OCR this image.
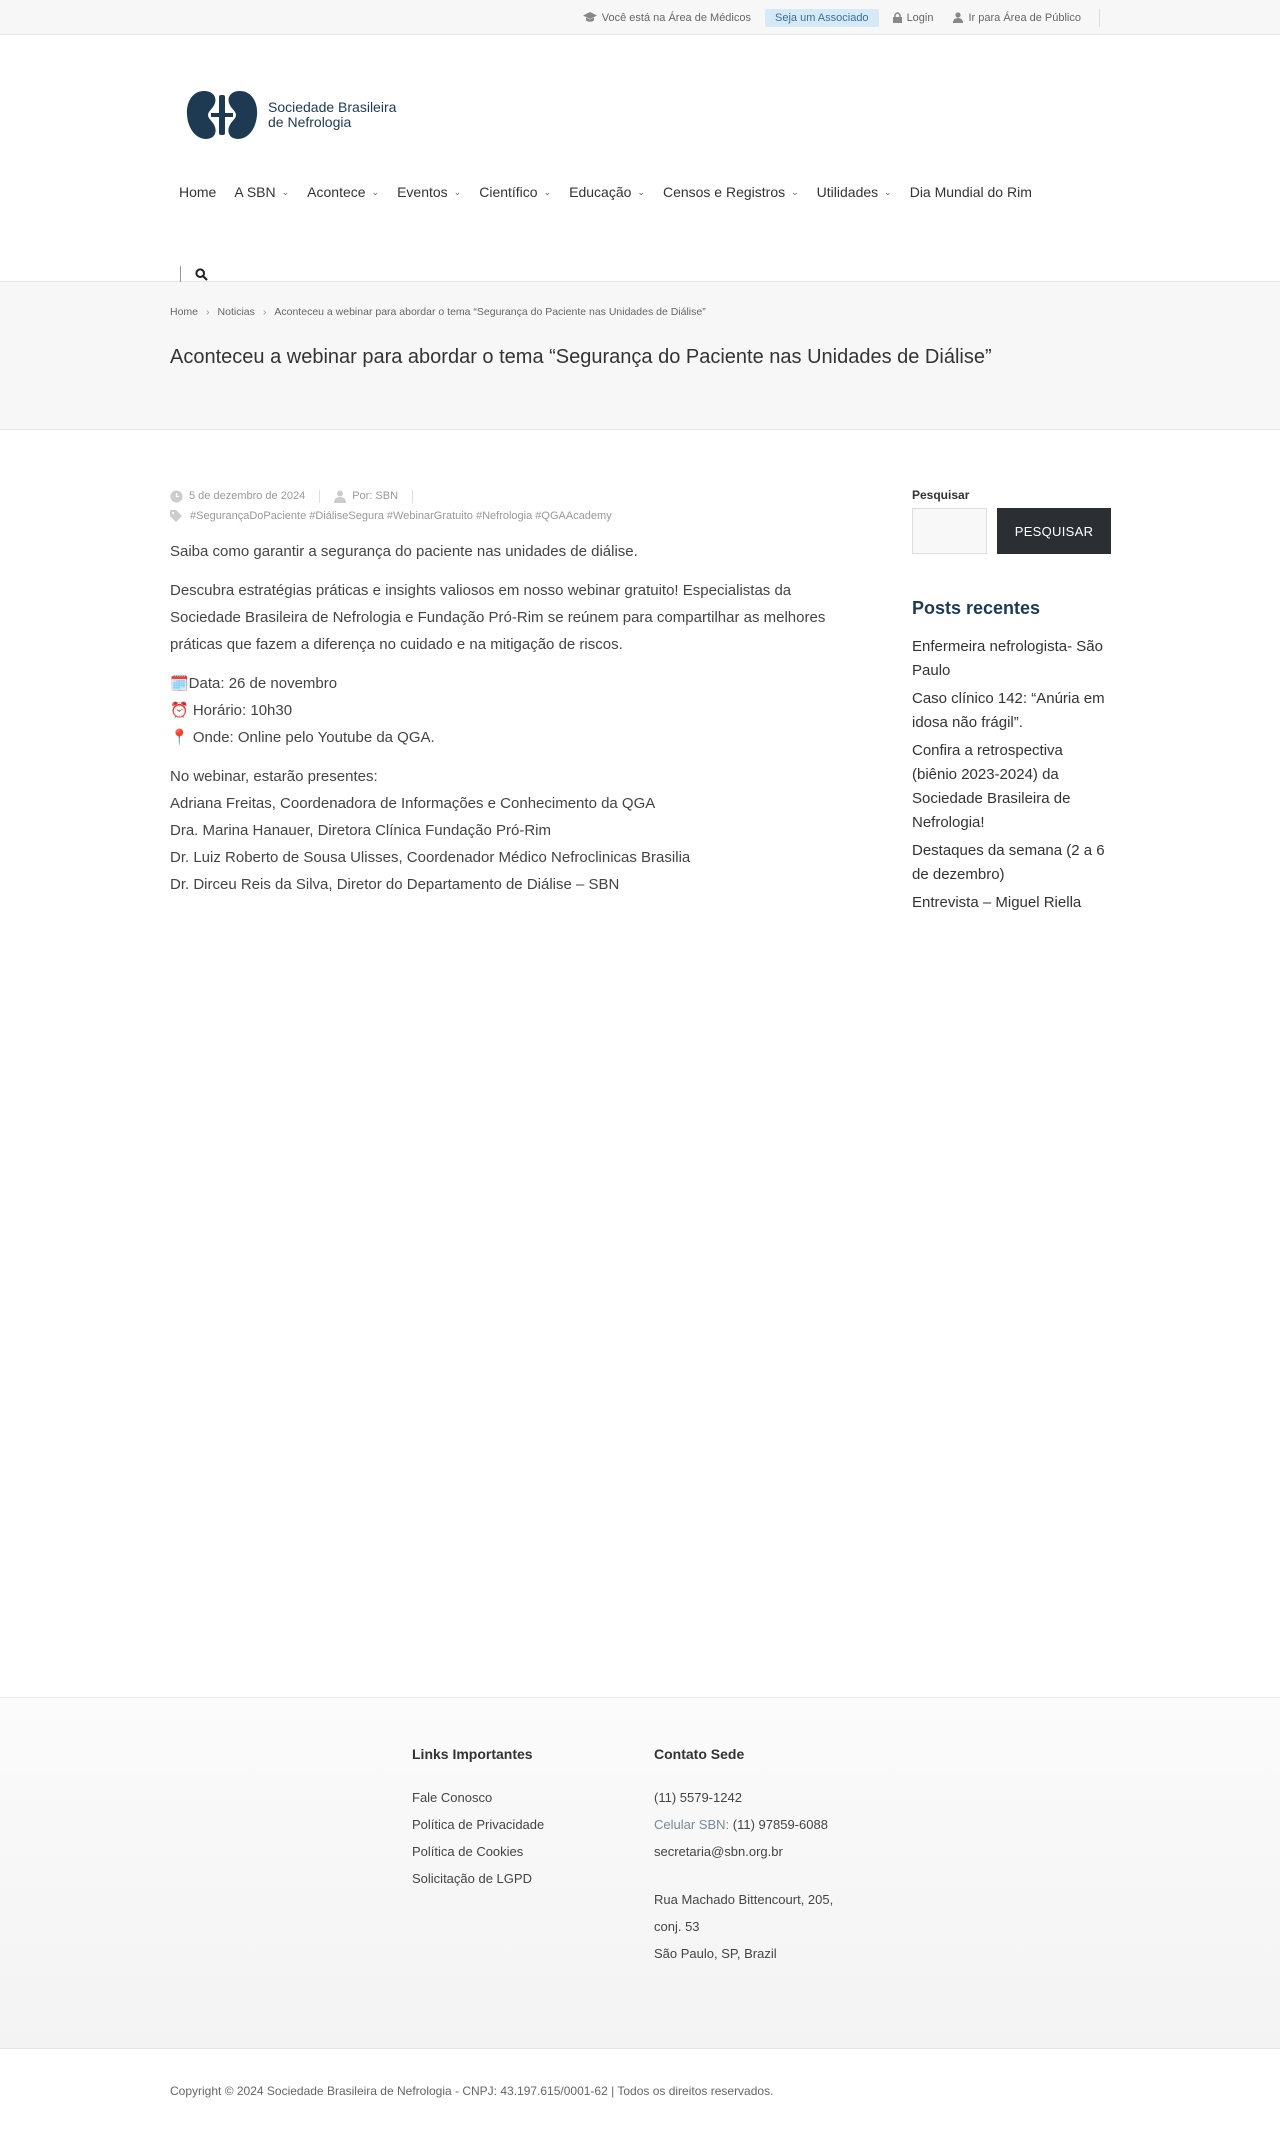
Você está na Área de Médicos	Seja um Associado	Login	Ir para Área de Público
Sociedade Brasileira
de Nefrologia
Home A SBN ⌄ Acontece ⌄ Eventos ⌄ Científico ⌄ Educação ⌄ Censos e Registros ⌄ Utilidades ⌄ Dia Mundial do Rim
Home › Noticias › Aconteceu a webinar para abordar o tema “Segurança do Paciente nas Unidades de Diálise”
Aconteceu a webinar para abordar o tema “Segurança do Paciente nas Unidades de Diálise”
5 de dezembro de 2024	Por: SBN
#SegurançaDoPaciente #DiáliseSegura #WebinarGratuito #Nefrologia #QGAAcademy

Saiba como garantir a segurança do paciente nas unidades de diálise.

Descubra estratégias práticas e insights valiosos em nosso webinar gratuito! Especialistas da Sociedade Brasileira de Nefrologia e Fundação Pró-Rim se reúnem para compartilhar as melhores práticas que fazem a diferença no cuidado e na mitigação de riscos.

🗓️Data: 26 de novembro

⏰ Horário: 10h30

📍 Onde: Online pelo Youtube da QGA.

No webinar, estarão presentes:

Adriana Freitas, Coordenadora de Informações e Conhecimento da QGA

Dra. Marina Hanauer, Diretora Clínica Fundação Pró-Rim

Dr. Luiz Roberto de Sousa Ulisses, Coordenador Médico Nefroclinicas Brasilia

Dr. Dirceu Reis da Silva, Diretor do Departamento de Diálise – SBN

Pesquisar
PESQUISAR
Posts recentes
Enfermeira nefrologista- São Paulo
Caso clínico 142: “Anúria em idosa não frágil”.
Confira a retrospectiva (biênio 2023-2024) da Sociedade Brasileira de Nefrologia!
Destaques da semana (2 a 6 de dezembro)
Entrevista – Miguel Riella
Links Importantes
Fale Conosco
Política de Privacidade
Política de Cookies
Solicitação de LGPD
Contato Sede
(11) 5579-1242
Celular SBN: (11) 97859-6088
secretaria@sbn.org.br
Rua Machado Bittencourt, 205,
conj. 53
São Paulo, SP, Brazil
Copyright © 2024 Sociedade Brasileira de Nefrologia - CNPJ: 43.197.615/0001-62 | Todos os direitos reservados.
